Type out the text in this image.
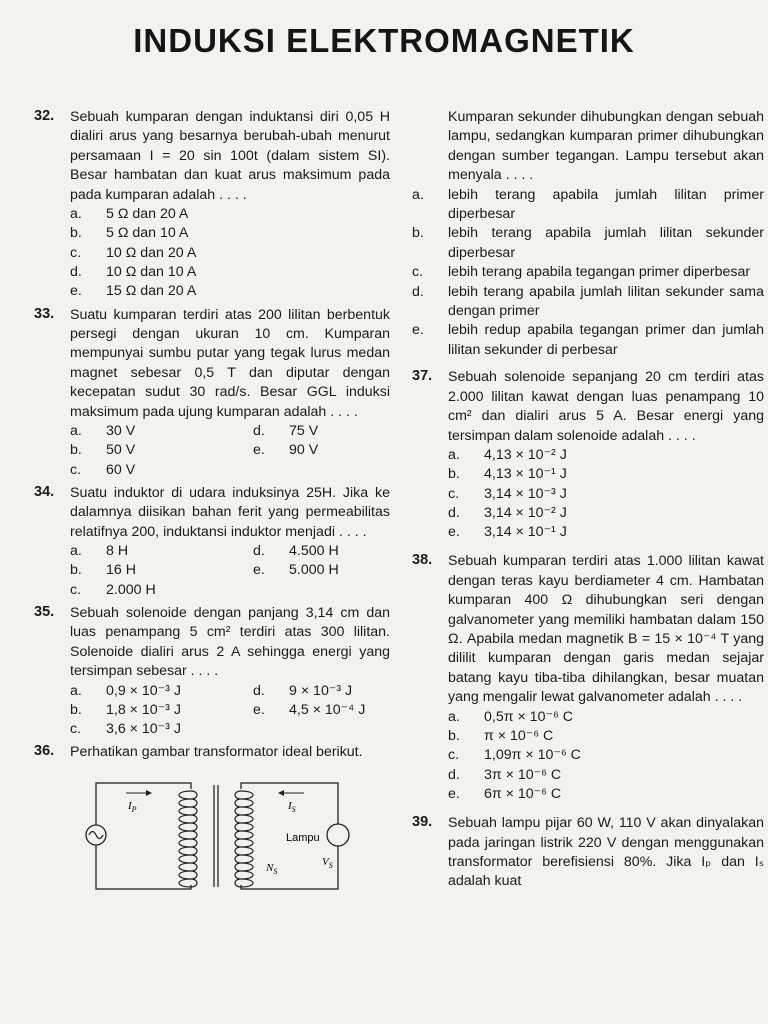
INDUKSI ELEKTROMAGNETIK
32. Sebuah kumparan dengan induktansi diri 0,05 H dialiri arus yang besarnya berubah-ubah menurut persamaan I = 20 sin 100t (dalam sistem SI). Besar hambatan dan kuat arus maksimum pada pada kumparan adalah . . . .
a. 5 Ω dan 20 A
b. 5 Ω dan 10 A
c. 10 Ω dan 20 A
d. 10 Ω dan 10 A
e. 15 Ω dan 20 A
33. Suatu kumparan terdiri atas 200 lilitan berbentuk persegi dengan ukuran 10 cm. Kumparan mempunyai sumbu putar yang tegak lurus medan magnet sebesar 0,5 T dan diputar dengan kecepatan sudut 30 rad/s. Besar GGL induksi maksimum pada ujung kumparan adalah . . . .
a. 30 V	d. 75 V
b. 50 V	e. 90 V
c. 60 V
34. Suatu induktor di udara induksinya 25H. Jika ke dalamnya diisikan bahan ferit yang permeabilitas relatifnya 200, induktansi induktor menjadi . . . .
a. 8 H	d. 4.500 H
b. 16 H	e. 5.000 H
c. 2.000 H
35. Sebuah solenoide dengan panjang 3,14 cm dan luas penampang 5 cm² terdiri atas 300 lilitan. Solenoide dialiri arus 2 A sehingga energi yang tersimpan sebesar . . . .
a. 0,9 × 10⁻³ J	d. 9 × 10⁻³ J
b. 1,8 × 10⁻³ J	e. 4,5 × 10⁻⁴ J
c. 3,6 × 10⁻³ J
36. Perhatikan gambar transformator ideal berikut.
$I_P$	$I_S$
Lampu
$N_S$
$V_S$
Kumparan sekunder dihubungkan dengan sebuah lampu, sedangkan kumparan primer dihubungkan dengan sumber tegangan. Lampu tersebut akan menyala . . . .
a. lebih terang apabila jumlah lilitan primer diperbesar
b. lebih terang apabila jumlah lilitan sekunder diperbesar
c. lebih terang apabila tegangan primer diperbesar
d. lebih terang apabila jumlah lilitan sekunder sama dengan primer
e. lebih redup apabila tegangan primer dan jumlah lilitan sekunder di perbesar
37. Sebuah solenoide sepanjang 20 cm terdiri atas 2.000 lilitan kawat dengan luas penampang 10 cm² dan dialiri arus 5 A. Besar energi yang tersimpan dalam solenoide adalah . . . .
a. 4,13 × 10⁻² J
b. 4,13 × 10⁻¹ J
c. 3,14 × 10⁻³ J
d. 3,14 × 10⁻² J
e. 3,14 × 10⁻¹ J
38. Sebuah kumparan terdiri atas 1.000 lilitan kawat dengan teras kayu berdiameter 4 cm. Hambatan kumparan 400 Ω dihubungkan seri dengan galvanometer yang memiliki hambatan dalam 150 Ω. Apabila medan magnetik B = 15 × 10⁻⁴ T yang dililit kumparan dengan garis medan sejajar batang kayu tiba-tiba dihilangkan, besar muatan yang mengalir lewat galvanometer adalah . . . .
a. 0,5π × 10⁻⁶ C
b. π × 10⁻⁶ C
c. 1,09π × 10⁻⁶ C
d. 3π × 10⁻⁶ C
e. 6π × 10⁻⁶ C
39. Sebuah lampu pijar 60 W, 110 V akan dinyalakan pada jaringan listrik 220 V dengan menggunakan transformator berefisiensi 80%. Jika Iₚ dan Iₛ adalah kuat
